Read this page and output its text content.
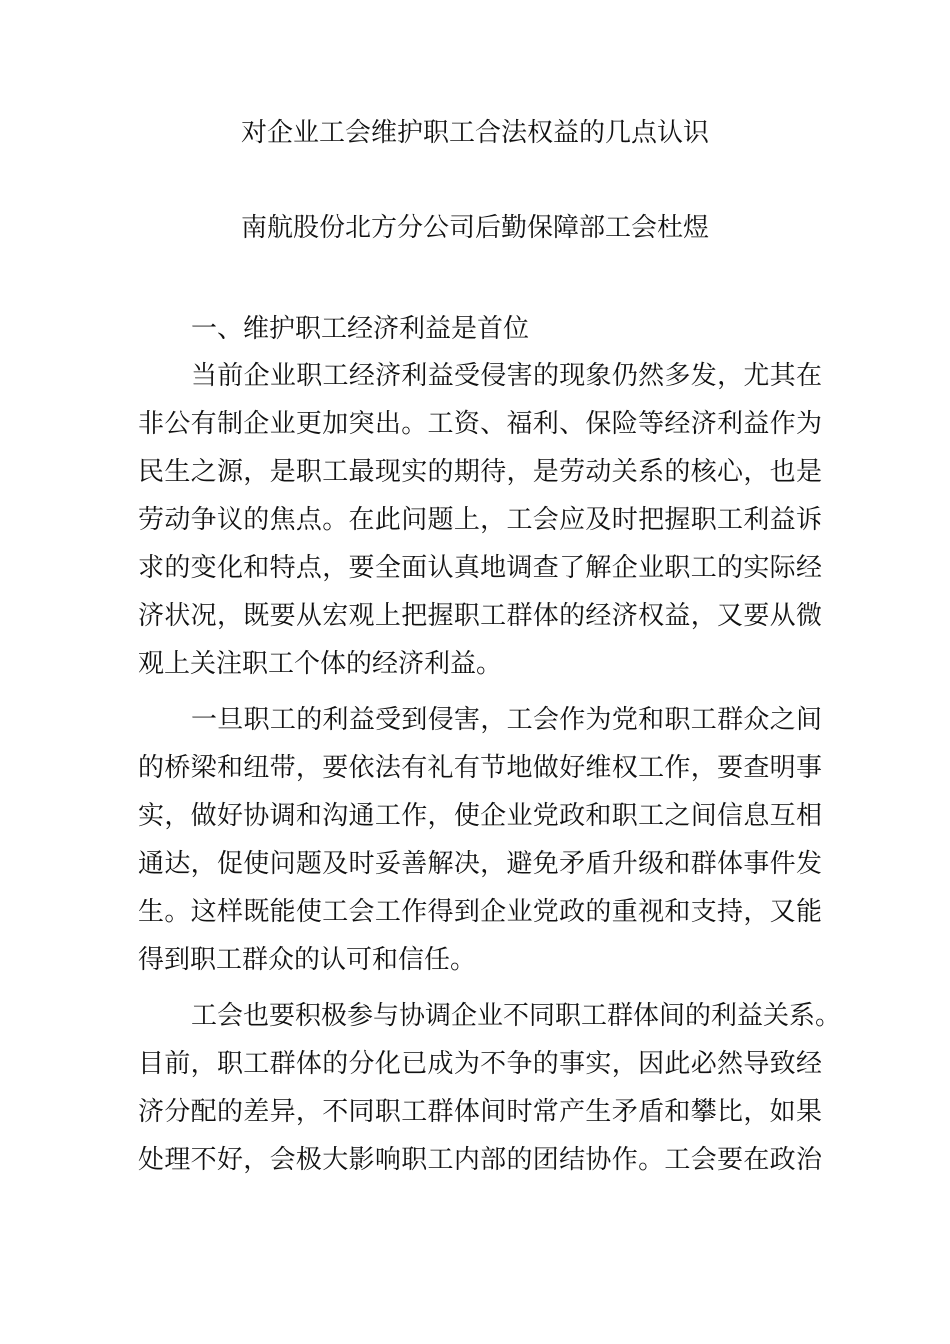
对企业工会维护职工合法权益的几点认识
南航股份北方分公司后勤保障部工会杜煜
一、维护职工经济利益是首位
当前企业职工经济利益受侵害的现象仍然多发，尤其在
非公有制企业更加突出。工资、福利、保险等经济利益作为
民生之源，是职工最现实的期待，是劳动关系的核心，也是
劳动争议的焦点。在此问题上，工会应及时把握职工利益诉
求的变化和特点，要全面认真地调查了解企业职工的实际经
济状况，既要从宏观上把握职工群体的经济权益，又要从微
观上关注职工个体的经济利益。
一旦职工的利益受到侵害，工会作为党和职工群众之间
的桥梁和纽带，要依法有礼有节地做好维权工作，要查明事
实，做好协调和沟通工作，使企业党政和职工之间信息互相
通达，促使问题及时妥善解决，避免矛盾升级和群体事件发
生。这样既能使工会工作得到企业党政的重视和支持，又能
得到职工群众的认可和信任。
工会也要积极参与协调企业不同职工群体间的利益关系。
目前，职工群体的分化已成为不争的事实，因此必然导致经
济分配的差异，不同职工群体间时常产生矛盾和攀比，如果
处理不好，会极大影响职工内部的团结协作。工会要在政治
